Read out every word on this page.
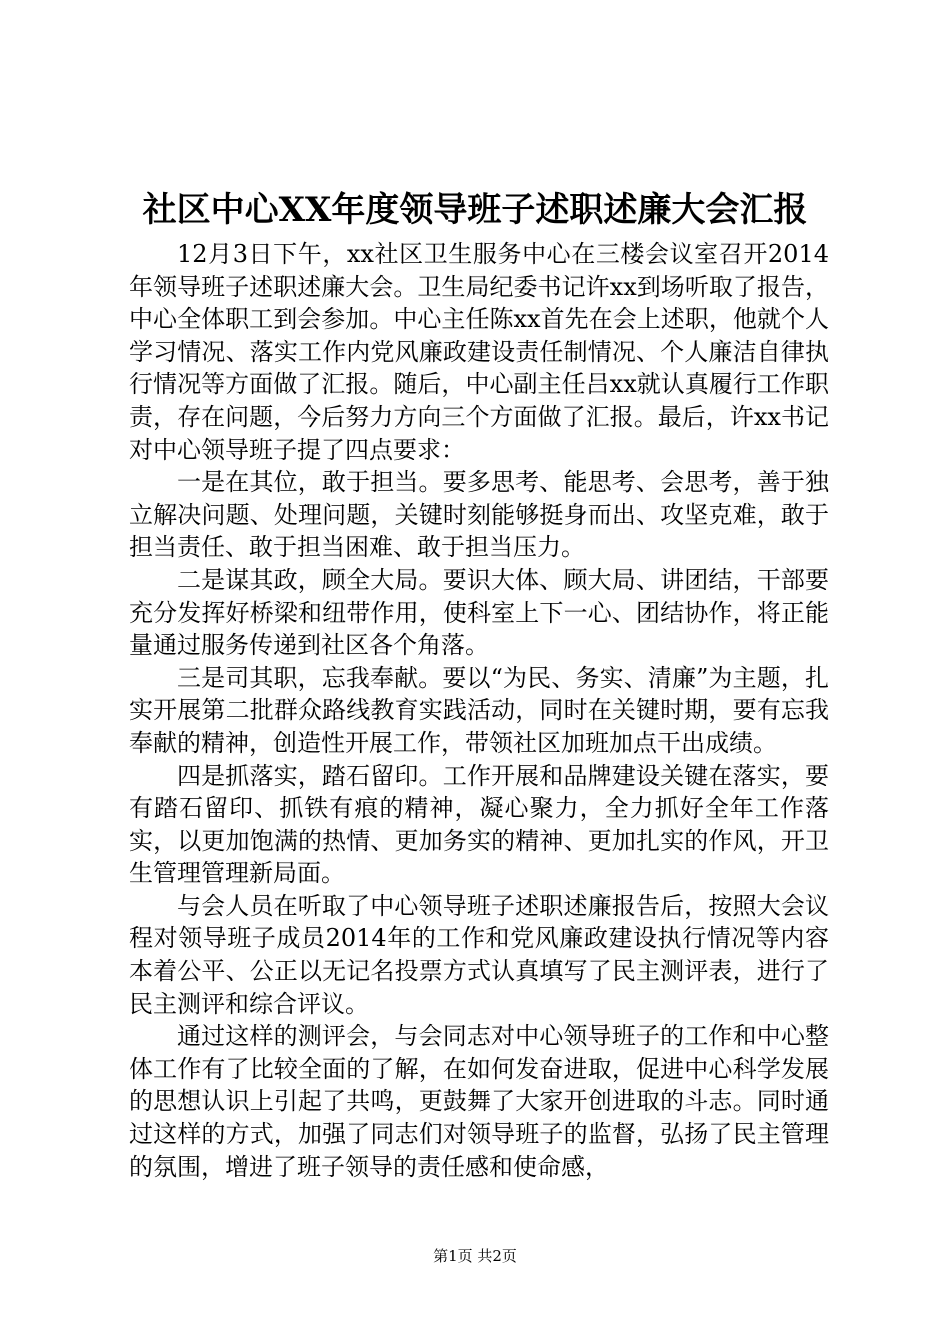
社区中心XX年度领导班子述职述廉大会汇报

12月3日下午，xx社区卫生服务中心在三楼会议室召开2014年领导班子述职述廉大会。卫生局纪委书记许xx到场听取了报告，中心全体职工到会参加。中心主任陈xx首先在会上述职，他就个人学习情况、落实工作内党风廉政建设责任制情况、个人廉洁自律执行情况等方面做了汇报。随后，中心副主任吕xx就认真履行工作职责，存在问题，今后努力方向三个方面做了汇报。最后，许xx书记对中心领导班子提了四点要求：

一是在其位，敢于担当。要多思考、能思考、会思考，善于独立解决问题、处理问题，关键时刻能够挺身而出、攻坚克难，敢于担当责任、敢于担当困难、敢于担当压力。

二是谋其政，顾全大局。要识大体、顾大局、讲团结，干部要充分发挥好桥梁和纽带作用，使科室上下一心、团结协作，将正能量通过服务传递到社区各个角落。

三是司其职，忘我奉献。要以“为民、务实、清廉”为主题，扎实开展第二批群众路线教育实践活动，同时在关键时期，要有忘我奉献的精神，创造性开展工作，带领社区加班加点干出成绩。

四是抓落实，踏石留印。工作开展和品牌建设关键在落实，要有踏石留印、抓铁有痕的精神，凝心聚力，全力抓好全年工作落实，以更加饱满的热情、更加务实的精神、更加扎实的作风，开卫生管理管理新局面。

与会人员在听取了中心领导班子述职述廉报告后，按照大会议程对领导班子成员2014年的工作和党风廉政建设执行情况等内容本着公平、公正以无记名投票方式认真填写了民主测评表，进行了民主测评和综合评议。

通过这样的测评会，与会同志对中心领导班子的工作和中心整体工作有了比较全面的了解，在如何发奋进取，促进中心科学发展的思想认识上引起了共鸣，更鼓舞了大家开创进取的斗志。同时通过这样的方式，加强了同志们对领导班子的监督，弘扬了民主管理的氛围，增进了班子领导的责任感和使命感，

第1页 共2页
